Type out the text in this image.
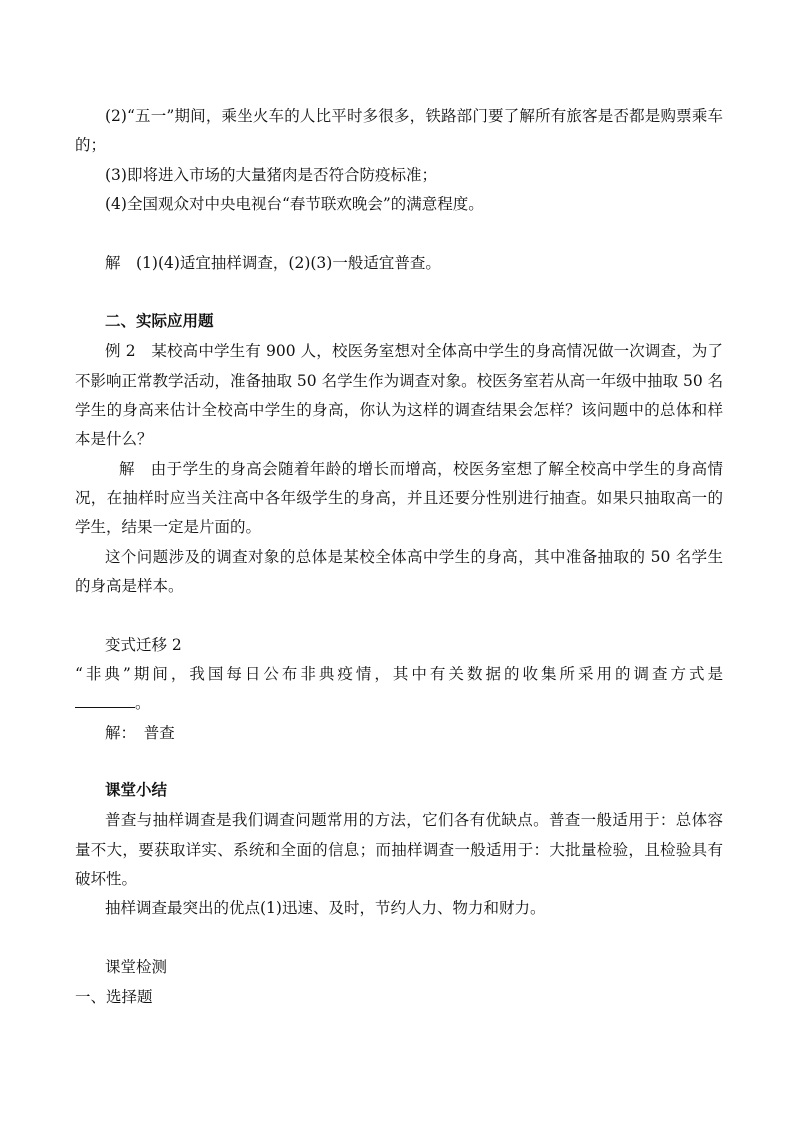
(2)“五一”期间，乘坐火车的人比平时多很多，铁路部门要了解所有旅客是否都是购票乘车
的；
(3)即将进入市场的大量猪肉是否符合防疫标准；
(4)全国观众对中央电视台“春节联欢晚会”的满意程度。
解　(1)(4)适宜抽样调查，(2)(3)一般适宜普查。
二、实际应用题
例 2　某校高中学生有 900 人，校医务室想对全体高中学生的身高情况做一次调查，为了
不影响正常教学活动，准备抽取 50 名学生作为调查对象。校医务室若从高一年级中抽取 50 名
学生的身高来估计全校高中学生的身高，你认为这样的调查结果会怎样？该问题中的总体和样
本是什么？
解　由于学生的身高会随着年龄的增长而增高，校医务室想了解全校高中学生的身高情
况，在抽样时应当关注高中各年级学生的身高，并且还要分性别进行抽查。如果只抽取高一的
学生，结果一定是片面的。
这个问题涉及的调查对象的总体是某校全体高中学生的身高，其中准备抽取的 50 名学生
的身高是样本。
变式迁移 2
“非典”期间，我国每日公布非典疫情，其中有关数据的收集所采用的调查方式是
。
解：　普查
课堂小结
普查与抽样调查是我们调查问题常用的方法，它们各有优缺点。普查一般适用于：总体容
量不大，要获取详实、系统和全面的信息；而抽样调查一般适用于：大批量检验，且检验具有
破坏性。
抽样调查最突出的优点(1)迅速、及时，节约人力、物力和财力。
课堂检测
一、选择题
